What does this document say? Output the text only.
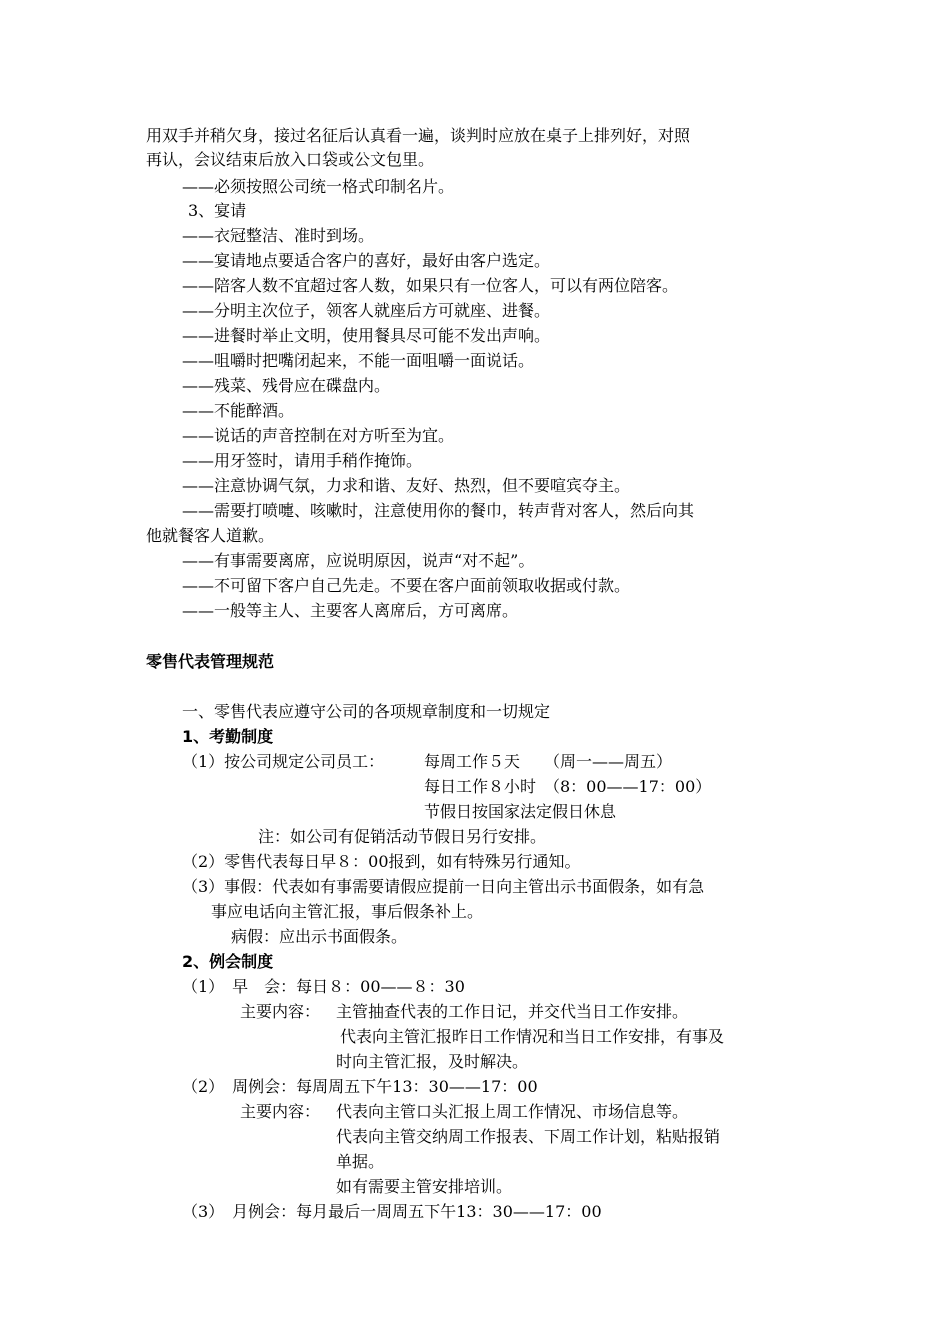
用双手并稍欠身，接过名征后认真看一遍，谈判时应放在桌子上排列好，对照
再认，会议结束后放入口袋或公文包里。
——必须按照公司统一格式印制名片。
3、宴请
——衣冠整洁、准时到场。
——宴请地点要适合客户的喜好，最好由客户选定。
——陪客人数不宜超过客人数，如果只有一位客人，可以有两位陪客。
——分明主次位子，领客人就座后方可就座、进餐。
——进餐时举止文明，使用餐具尽可能不发出声响。
——咀嚼时把嘴闭起来，不能一面咀嚼一面说话。
——残菜、残骨应在碟盘内。
——不能醉酒。
——说话的声音控制在对方听至为宜。
——用牙签时，请用手稍作掩饰。
——注意协调气氛，力求和谐、友好、热烈，但不要喧宾夺主。
——需要打喷嚏、咳嗽时，注意使用你的餐巾，转声背对客人，然后向其
他就餐客人道歉。
——有事需要离席，应说明原因，说声“对不起”。
——不可留下客户自己先走。不要在客户面前领取收据或付款。
——一般等主人、主要客人离席后，方可离席。
零售代表管理规范
一、零售代表应遵守公司的各项规章制度和一切规定
1、考勤制度
（1）按公司规定公司员工： 每周工作５天　　（周一——周五）
每日工作８小时　（8：00——17：00）
节假日按国家法定假日休息
注：如公司有促销活动节假日另行安排。
（2）零售代表每日早８：00报到，如有特殊另行通知。
（3）事假：代表如有事需要请假应提前一日向主管出示书面假条，如有急
事应电话向主管汇报，事后假条补上。
病假：应出示书面假条。
2、例会制度
（1）　早　会：每日８：00——８：30
主要内容： 主管抽查代表的工作日记，并交代当日工作安排。
代表向主管汇报昨日工作情况和当日工作安排，有事及
时向主管汇报，及时解决。
（2）　周例会：每周周五下午13：30——17：00
主要内容： 代表向主管口头汇报上周工作情况、市场信息等。
代表向主管交纳周工作报表、下周工作计划，粘贴报销
单据。
如有需要主管安排培训。
（3）　月例会：每月最后一周周五下午13：30——17：00
